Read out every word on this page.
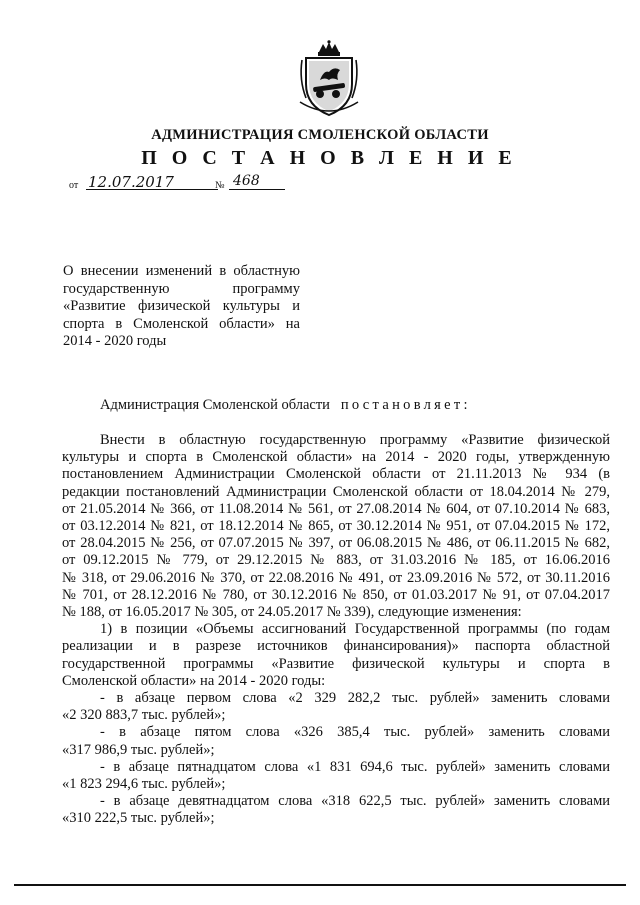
АДМИНИСТРАЦИЯ СМОЛЕНСКОЙ ОБЛАСТИ
П О С Т А Н О В Л Е Н И Е
от 12.07.2017	№ 468
О внесении изменений в областную
государственную программу
«Развитие физической культуры и
спорта в Смоленской области» на
2014 - 2020 годы
Администрация Смоленской области постановляет:
Внести в областную государственную программу «Развитие физической
культуры и спорта в Смоленской области» на 2014 - 2020 годы, утвержденную
постановлением Администрации Смоленской области от 21.11.2013 № 934 (в
редакции постановлений Администрации Смоленской области от 18.04.2014 № 279,
от 21.05.2014 № 366, от 11.08.2014 № 561, от 27.08.2014 № 604, от 07.10.2014 № 683,
от 03.12.2014 № 821, от 18.12.2014 № 865, от 30.12.2014 № 951, от 07.04.2015 № 172,
от 28.04.2015 № 256, от 07.07.2015 № 397, от 06.08.2015 № 486, от 06.11.2015 № 682,
от 09.12.2015 № 779, от 29.12.2015 № 883, от 31.03.2016 № 185, от 16.06.2016
№ 318, от 29.06.2016 № 370, от 22.08.2016 № 491, от 23.09.2016 № 572, от 30.11.2016
№ 701, от 28.12.2016 № 780, от 30.12.2016 № 850, от 01.03.2017 № 91, от 07.04.2017
№ 188, от 16.05.2017 № 305, от 24.05.2017 № 339), следующие изменения:
1) в позиции «Объемы ассигнований Государственной программы (по годам
реализации и в разрезе источников финансирования)» паспорта областной
государственной программы «Развитие физической культуры и спорта в
Смоленской области» на 2014 - 2020 годы:
- в абзаце первом слова «2 329 282,2 тыс. рублей» заменить словами
«2 320 883,7 тыс. рублей»;
- в абзаце пятом слова «326 385,4 тыс. рублей» заменить словами
«317 986,9 тыс. рублей»;
- в абзаце пятнадцатом слова «1 831 694,6 тыс. рублей» заменить словами
«1 823 294,6 тыс. рублей»;
- в абзаце девятнадцатом слова «318 622,5 тыс. рублей» заменить словами
«310 222,5 тыс. рублей»;
